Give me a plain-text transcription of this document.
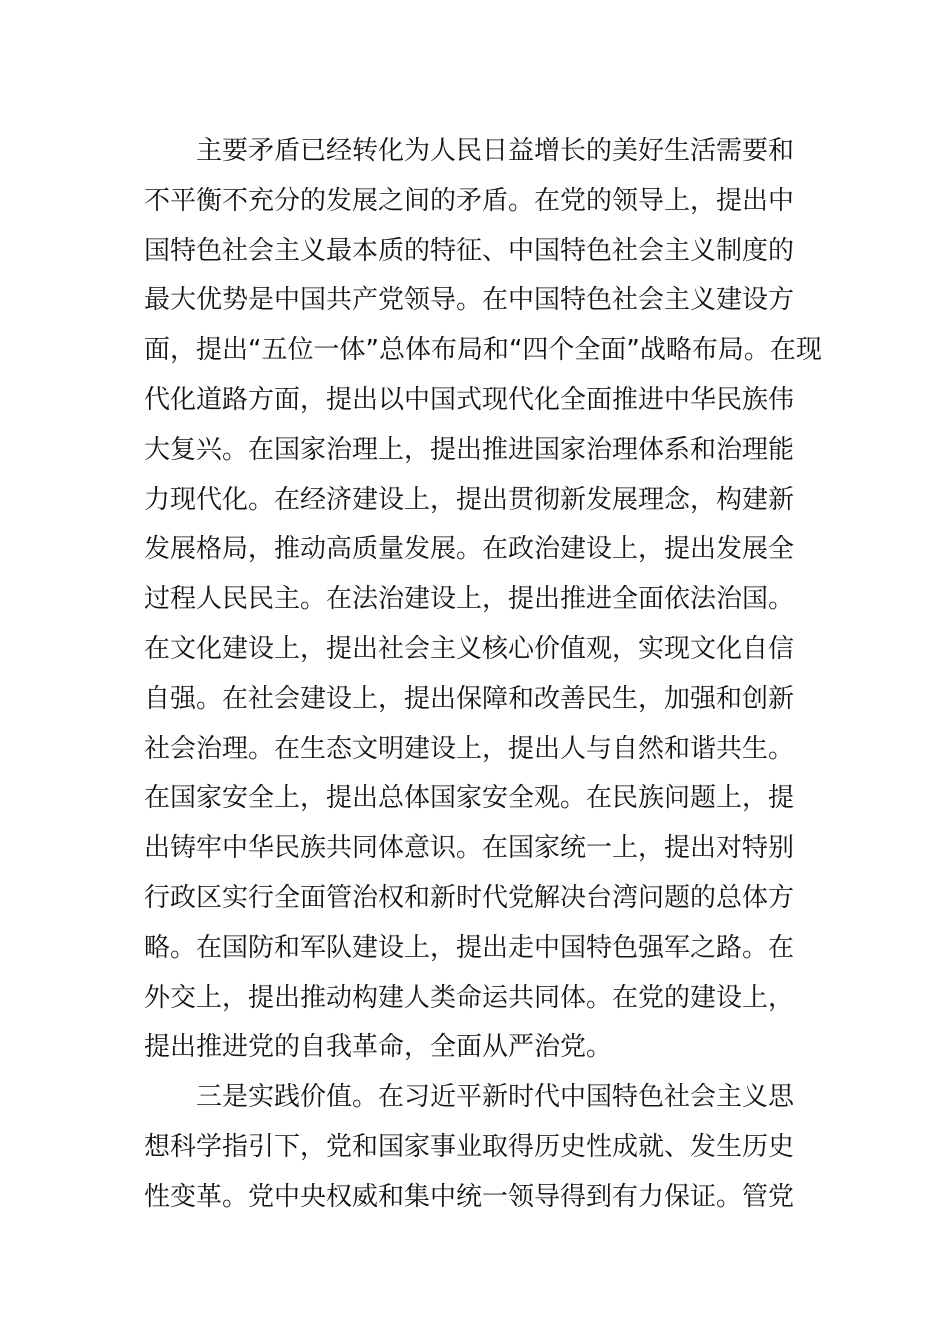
主要矛盾已经转化为人民日益增长的美好生活需要和
不平衡不充分的发展之间的矛盾。在党的领导上，提出中
国特色社会主义最本质的特征、中国特色社会主义制度的
最大优势是中国共产党领导。在中国特色社会主义建设方
面，提出“五位一体”总体布局和“四个全面”战略布局。在现
代化道路方面，提出以中国式现代化全面推进中华民族伟
大复兴。在国家治理上，提出推进国家治理体系和治理能
力现代化。在经济建设上，提出贯彻新发展理念，构建新
发展格局，推动高质量发展。在政治建设上，提出发展全
过程人民民主。在法治建设上，提出推进全面依法治国。
在文化建设上，提出社会主义核心价值观，实现文化自信
自强。在社会建设上，提出保障和改善民生，加强和创新
社会治理。在生态文明建设上，提出人与自然和谐共生。
在国家安全上，提出总体国家安全观。在民族问题上，提
出铸牢中华民族共同体意识。在国家统一上，提出对特别
行政区实行全面管治权和新时代党解决台湾问题的总体方
略。在国防和军队建设上，提出走中国特色强军之路。在
外交上，提出推动构建人类命运共同体。在党的建设上，
提出推进党的自我革命，全面从严治党。
三是实践价值。在习近平新时代中国特色社会主义思
想科学指引下，党和国家事业取得历史性成就、发生历史
性变革。党中央权威和集中统一领导得到有力保证。管党
